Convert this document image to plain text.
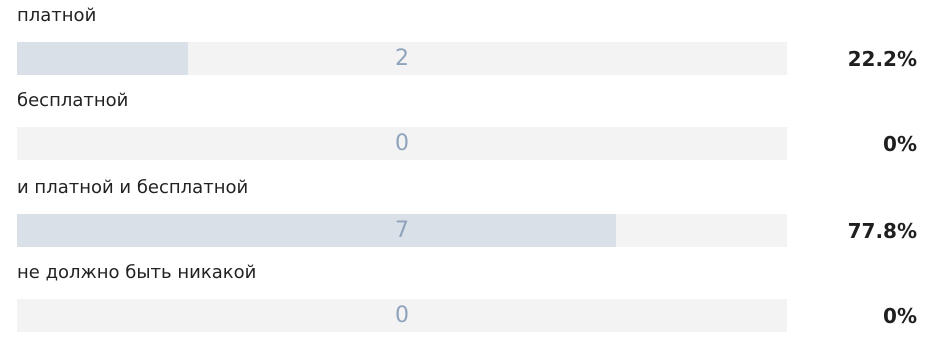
платной
2	22.2%
бесплатной
0	0%
и платной и бесплатной
7	77.8%
не должно быть никакой
0	0%
